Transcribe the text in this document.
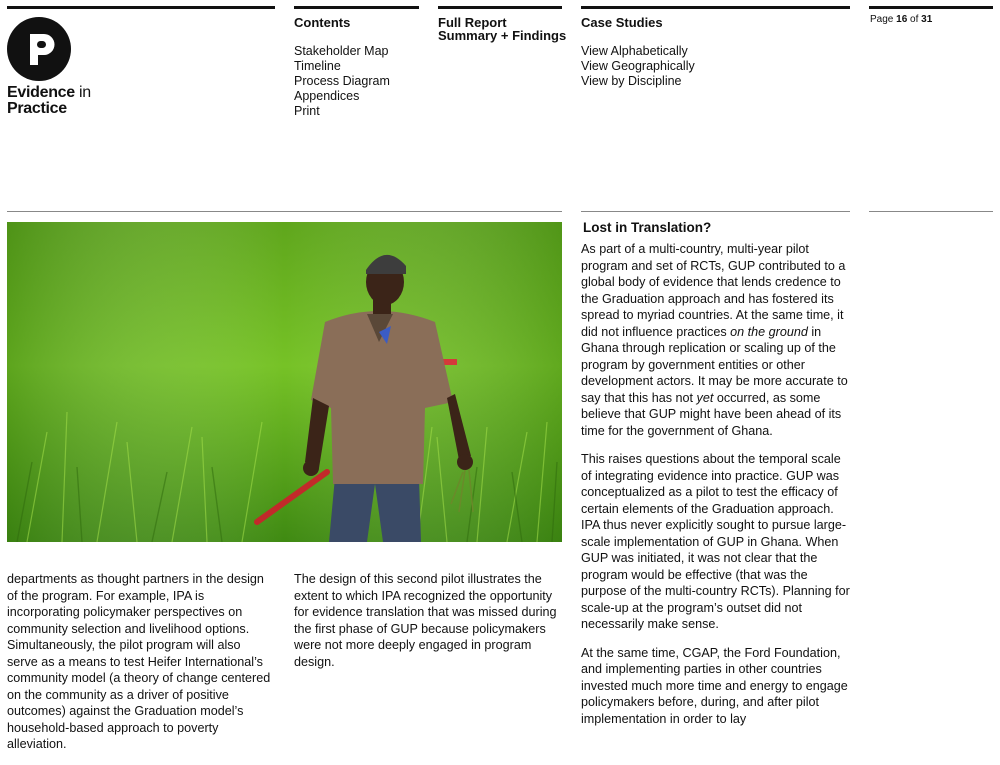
Evidence in
Practice
Contents
Stakeholder Map
Timeline
Process Diagram
Appendices
Print
Full Report
Summary + Findings
Case Studies
View Alphabetically
View Geographically
View by Discipline
Page 16 of 31

departments as thought partners in the design of the program. For example, IPA is incorporating policymaker perspectives on community selection and livelihood options. Simultaneously, the pilot program will also serve as a means to test Heifer International’s community model (a theory of change centered on the community as a driver of positive outcomes) against the Graduation model’s household-based approach to poverty alleviation.

The design of this second pilot illustrates the extent to which IPA recognized the opportunity for evidence translation that was missed during the first phase of GUP because policymakers were not more deeply engaged in program design.

Lost in Translation?

As part of a multi-country, multi-year pilot program and set of RCTs, GUP contributed to a global body of evidence that lends credence to the Graduation approach and has fostered its spread to myriad countries. At the same time, it did not influence practices on the ground in Ghana through replication or scaling up of the program by government entities or other development actors. It may be more accurate to say that this has not yet occurred, as some believe that GUP might have been ahead of its time for the government of Ghana.

This raises questions about the temporal scale of integrating evidence into practice. GUP was conceptualized as a pilot to test the efficacy of certain elements of the Graduation approach. IPA thus never explicitly sought to pursue large-scale implementation of GUP in Ghana. When GUP was initiated, it was not clear that the program would be effective (that was the purpose of the multi-country RCTs). Planning for scale-up at the program’s outset did not necessarily make sense.

At the same time, CGAP, the Ford Foundation, and implementing parties in other countries invested much more time and energy to engage policymakers before, during, and after pilot implementation in order to lay
